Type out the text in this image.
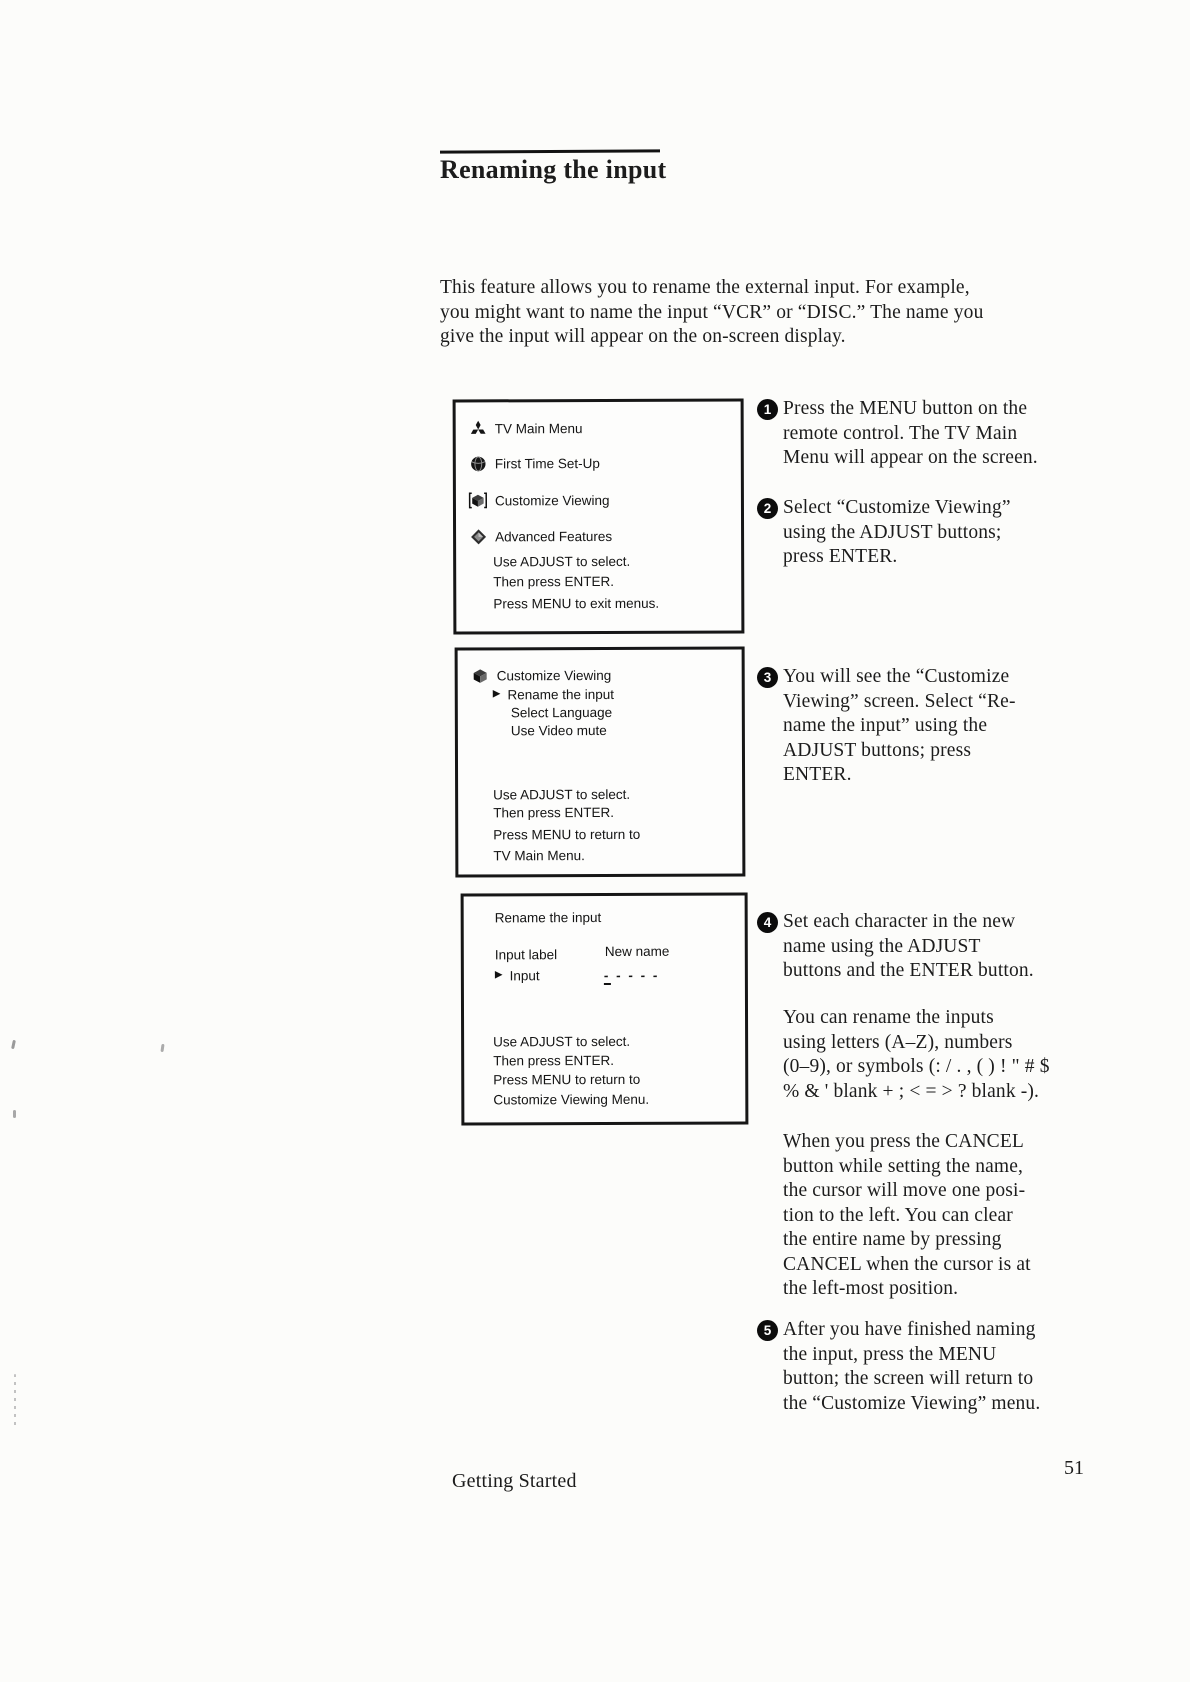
Renaming the input
This feature allows you to rename the external input. For example,
you might want to name the input “VCR” or “DISC.” The name you
give the input will appear on the on-screen display.
TV Main Menu
First Time Set-Up
Customize Viewing
Advanced Features
Use ADJUST to select.
Then press ENTER.
Press MENU to exit menus.
Customize Viewing
▶ Rename the input
Select Language
Use Video mute
Use ADJUST to select.
Then press ENTER.
Press MENU to return to
TV Main Menu.
Rename the input
Input label	New name
▶ Input	- - - - -
Use ADJUST to select.
Then press ENTER.
Press MENU to return to
Customize Viewing Menu.
1 Press the MENU button on the
remote control. The TV Main
Menu will appear on the screen.
2 Select “Customize Viewing”
using the ADJUST buttons;
press ENTER.
3 You will see the “Customize
Viewing” screen. Select “Re-
name the input” using the
ADJUST buttons; press
ENTER.
4 Set each character in the new
name using the ADJUST
buttons and the ENTER button.
You can rename the inputs
using letters (A–Z), numbers
(0–9), or symbols (: / . , ( ) ! " # $
% & ' blank + ; < = > ? blank -).
When you press the CANCEL
button while setting the name,
the cursor will move one posi-
tion to the left. You can clear
the entire name by pressing
CANCEL when the cursor is at
the left-most position.
5 After you have finished naming
the input, press the MENU
button; the screen will return to
the “Customize Viewing” menu.
Getting Started
51
